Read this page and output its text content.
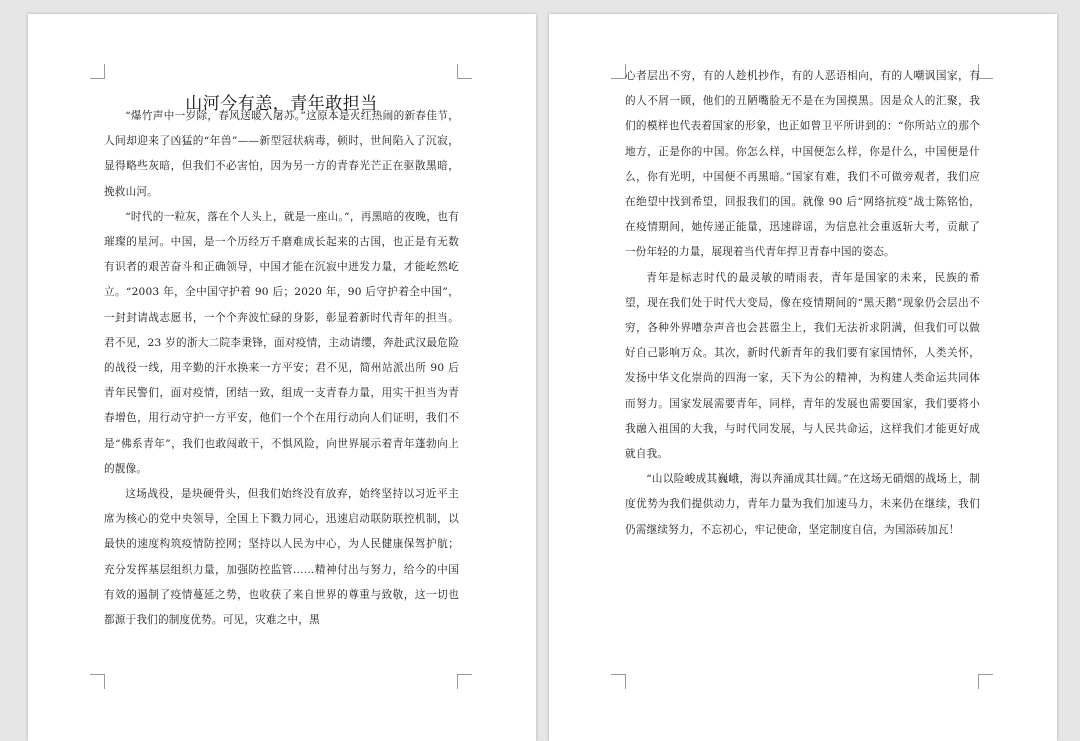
山河今有恙，青年敢担当

“爆竹声中一岁除，春风送暖入屠苏。”这原本是火红热闹的新春佳节，人间却迎来了凶猛的“年兽”——新型冠状病毒，顿时，世间陷入了沉寂，显得略些灰暗，但我们不必害怕，因为另一方的青春光芒正在驱散黑暗，挽救山河。

“时代的一粒灰，落在个人头上，就是一座山。”，再黑暗的夜晚，也有璀璨的星河。中国，是一个历经万千磨难成长起来的古国，也正是有无数有识者的艰苦奋斗和正确领导，中国才能在沉寂中迸发力量，才能屹然屹立。“2003 年，全中国守护着 90 后；2020 年，90 后守护着全中国”，一封封请战志愿书，一个个奔波忙碌的身影，彰显着新时代青年的担当。君不见，23 岁的浙大二院李秉锋，面对疫情，主动请缨，奔赴武汉最危险的战役一线，用辛勤的汗水换来一方平安；君不见，简州站派出所 90 后青年民警们，面对疫情，团结一致，组成一支青春力量，用实干担当为青春增色，用行动守护一方平安，他们一个个在用行动向人们证明，我们不是“佛系青年”，我们也敢闯敢干，不惧风险，向世界展示着青年蓬勃向上的靓像。

这场战役，是块硬骨头，但我们始终没有放弃，始终坚持以习近平主席为核心的党中央领导，全国上下戮力同心，迅速启动联防联控机制，以最快的速度构筑疫情防控网；坚持以人民为中心，为人民健康保驾护航；充分发挥基层组织力量，加强防控监管……精神付出与努力，给今的中国有效的遏制了疫情蔓延之势，也收获了来自世界的尊重与致敬，这一切也都源于我们的制度优势。可见，灾难之中，黑

心者层出不穷，有的人趁机抄作，有的人恶语相向，有的人嘲讽国家，有的人不屑一顾，他们的丑陋嘴脸无不是在为国摸黑。因是众人的汇聚，我们的模样也代表着国家的形象，也正如曾卫平所讲到的：“你所站立的那个地方，正是你的中国。你怎么样，中国便怎么样，你是什么，中国便是什么，你有光明，中国便不再黑暗。”国家有难，我们不可做旁观者，我们应在绝望中找到希望，回报我们的国。就像 90 后“网络抗疫”战士陈铭怡，在疫情期间，她传递正能量，迅速辟谣，为信息社会重返斩大考，贡献了一份年轻的力量，展现着当代青年捍卫青春中国的姿态。

青年是标志时代的最灵敏的晴雨表，青年是国家的未来，民族的希望，现在我们处于时代大变局，像在疫情期间的“黑天鹅”现象仍会层出不穷，各种外界嘈杂声音也会甚嚣尘上，我们无法祈求阴满，但我们可以做好自己影响万众。其次，新时代新青年的我们要有家国情怀，人类关怀，发扬中华文化崇尚的四海一家，天下为公的精神，为构建人类命运共同体而努力。国家发展需要青年，同样，青年的发展也需要国家，我们要将小我融入祖国的大我，与时代同发展，与人民共命运，这样我们才能更好成就自我。

“山以险峻成其巍峨，海以奔涌成其壮阔。”在这场无硝烟的战场上，制度优势为我们提供动力，青年力量为我们加速马力，未来仍在继续，我们仍需继续努力，不忘初心，牢记使命，坚定制度自信，为国添砖加瓦！
